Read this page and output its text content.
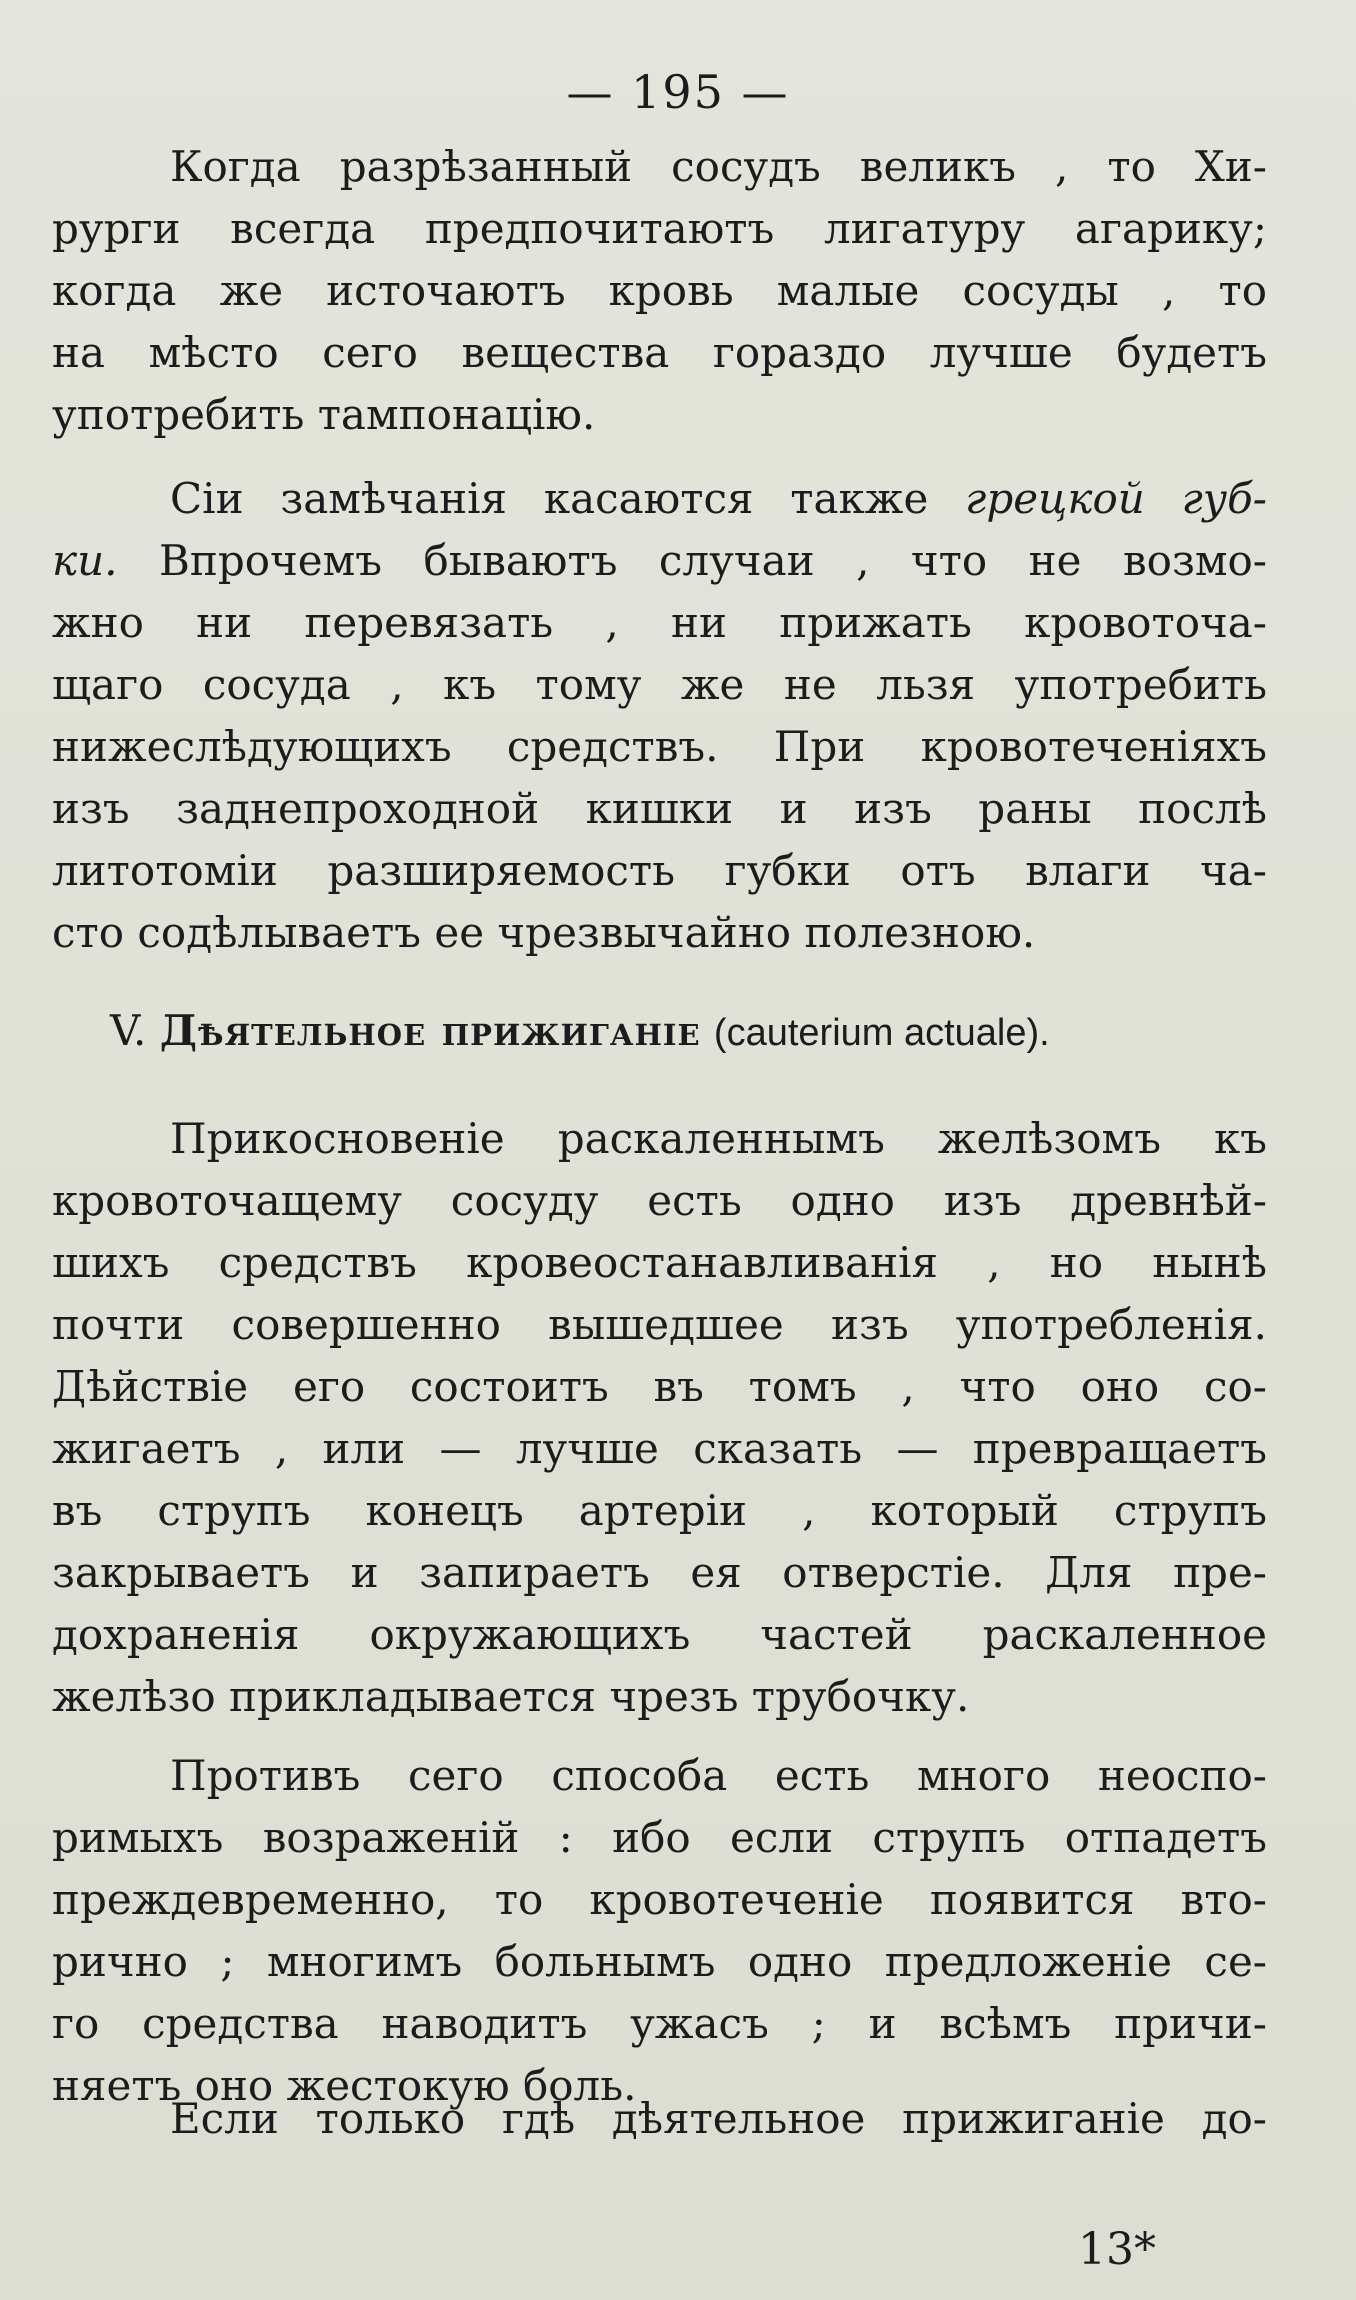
— 195 —
Когда разрѣзанный сосудъ великъ , то Хи-
рурги всегда предпочитаютъ лигатуру агарику;
когда же источаютъ кровь малые сосуды , то
на мѣсто сего вещества гораздо лучше будетъ
употребить тампонацію.
Сіи замѣчанія касаются также грецкой губ-
ки. Впрочемъ бываютъ случаи , что не возмо-
жно ни перевязать , ни прижать кровоточа-
щаго сосуда , къ тому же не льзя употребить
нижеслѣдующихъ средствъ. При кровотеченіяхъ
изъ заднепроходной кишки и изъ раны послѣ
литотоміи разширяемость губки отъ влаги ча-
сто содѣлываетъ ее чрезвычайно полезною.
V. Дѣятельное прижиганіе (cauterium actuale).
Прикосновеніе раскаленнымъ желѣзомъ къ
кровоточащему сосуду есть одно изъ древнѣй-
шихъ средствъ кровеостанавливанія , но нынѣ
почти совершенно вышедшее изъ употребленія.
Дѣйствіе его состоитъ въ томъ , что оно со-
жигаетъ , или — лучше сказать — превращаетъ
въ струпъ конецъ артеріи , который струпъ
закрываетъ и запираетъ ея отверстіе. Для пре-
дохраненія окружающихъ частей раскаленное
желѣзо прикладывается чрезъ трубочку.
Противъ сего способа есть много неоспо-
римыхъ возраженій : ибо если струпъ отпадетъ
преждевременно, то кровотеченіе появится вто-
рично ; многимъ больнымъ одно предложеніе се-
го средства наводитъ ужасъ ; и всѣмъ причи-
няетъ оно жестокую боль.
Если только гдѣ дѣятельное прижиганіе до-
13*
